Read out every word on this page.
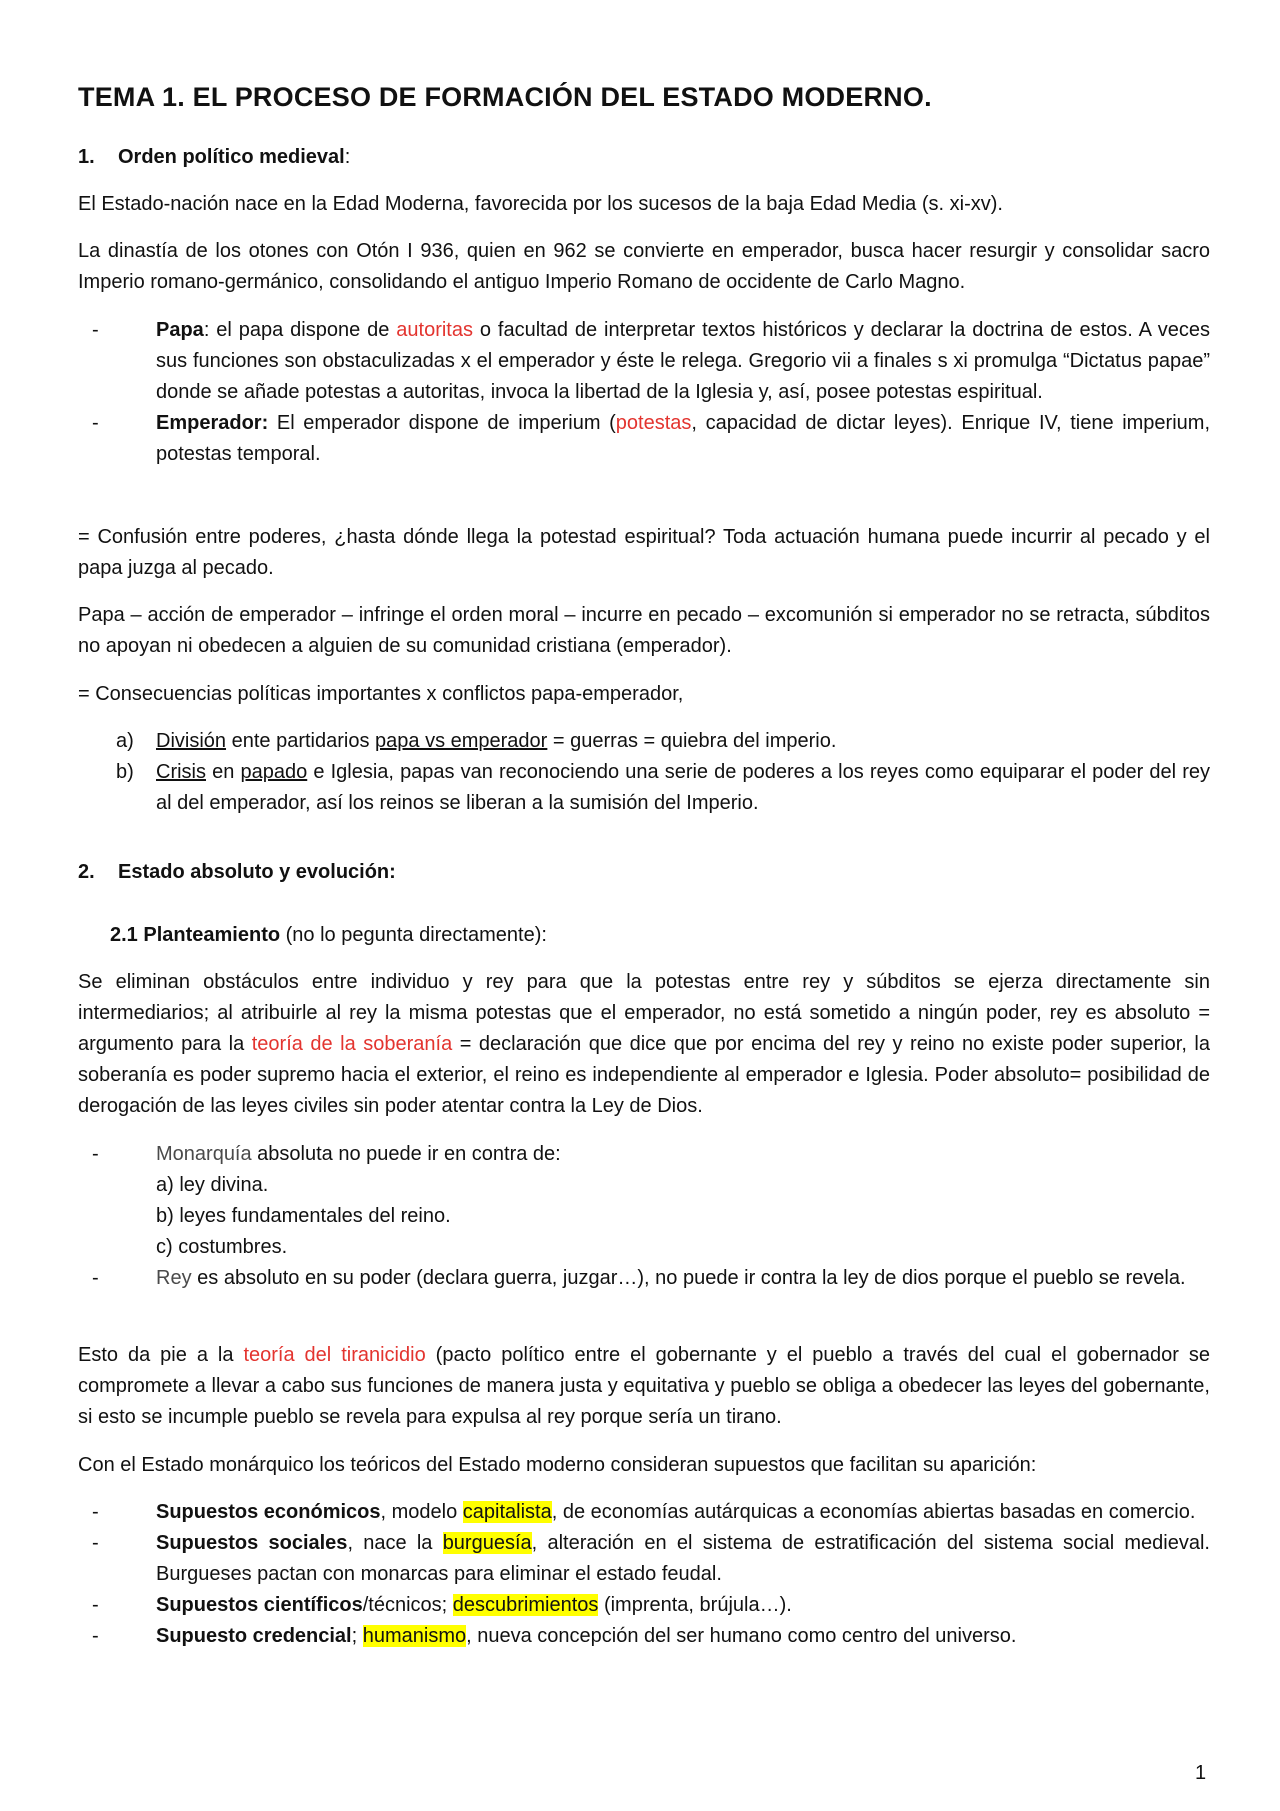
TEMA 1. EL PROCESO DE FORMACIÓN DEL ESTADO MODERNO.

1. Orden político medieval:

El Estado-nación nace en la Edad Moderna, favorecida por los sucesos de la baja Edad Media (s. xi-xv).

La dinastía de los otones con Otón I 936, quien en 962 se convierte en emperador, busca hacer resurgir y consolidar sacro Imperio romano-germánico, consolidando el antiguo Imperio Romano de occidente de Carlo Magno.

-	Papa: el papa dispone de autoritas o facultad de interpretar textos históricos y declarar la doctrina de estos. A veces sus funciones son obstaculizadas x el emperador y éste le relega. Gregorio vii a finales s xi promulga “Dictatus papae” donde se añade potestas a autoritas, invoca la libertad de la Iglesia y, así, posee potestas espiritual.
-	Emperador: El emperador dispone de imperium (potestas, capacidad de dictar leyes). Enrique IV, tiene imperium, potestas temporal.

= Confusión entre poderes, ¿hasta dónde llega la potestad espiritual? Toda actuación humana puede incurrir al pecado y el papa juzga al pecado.

Papa – acción de emperador – infringe el orden moral – incurre en pecado – excomunión si emperador no se retracta, súbditos no apoyan ni obedecen a alguien de su comunidad cristiana (emperador).

= Consecuencias políticas importantes x conflictos papa-emperador,

a) División ente partidarios papa vs emperador = guerras = quiebra del imperio.
b) Crisis en papado e Iglesia, papas van reconociendo una serie de poderes a los reyes como equiparar el poder del rey al del emperador, así los reinos se liberan a la sumisión del Imperio.

2. Estado absoluto y evolución:

2.1 Planteamiento (no lo pegunta directamente):

Se eliminan obstáculos entre individuo y rey para que la potestas entre rey y súbditos se ejerza directamente sin intermediarios; al atribuirle al rey la misma potestas que el emperador, no está sometido a ningún poder, rey es absoluto = argumento para la teoría de la soberanía = declaración que dice que por encima del rey y reino no existe poder superior, la soberanía es poder supremo hacia el exterior, el reino es independiente al emperador e Iglesia. Poder absoluto= posibilidad de derogación de las leyes civiles sin poder atentar contra la Ley de Dios.

-	Monarquía absoluta no puede ir en contra de:
a) ley divina.
b) leyes fundamentales del reino.
c) costumbres.
-	Rey es absoluto en su poder (declara guerra, juzgar…), no puede ir contra la ley de dios porque el pueblo se revela.

Esto da pie a la teoría del tiranicidio (pacto político entre el gobernante y el pueblo a través del cual el gobernador se compromete a llevar a cabo sus funciones de manera justa y equitativa y pueblo se obliga a obedecer las leyes del gobernante, si esto se incumple pueblo se revela para expulsa al rey porque sería un tirano.

Con el Estado monárquico los teóricos del Estado moderno consideran supuestos que facilitan su aparición:

-	Supuestos económicos, modelo capitalista, de economías autárquicas a economías abiertas basadas en comercio.
-	Supuestos sociales, nace la burguesía, alteración en el sistema de estratificación del sistema social medieval. Burgueses pactan con monarcas para eliminar el estado feudal.
-	Supuestos científicos/técnicos; descubrimientos (imprenta, brújula…).
-	Supuesto credencial; humanismo, nueva concepción del ser humano como centro del universo.
1
